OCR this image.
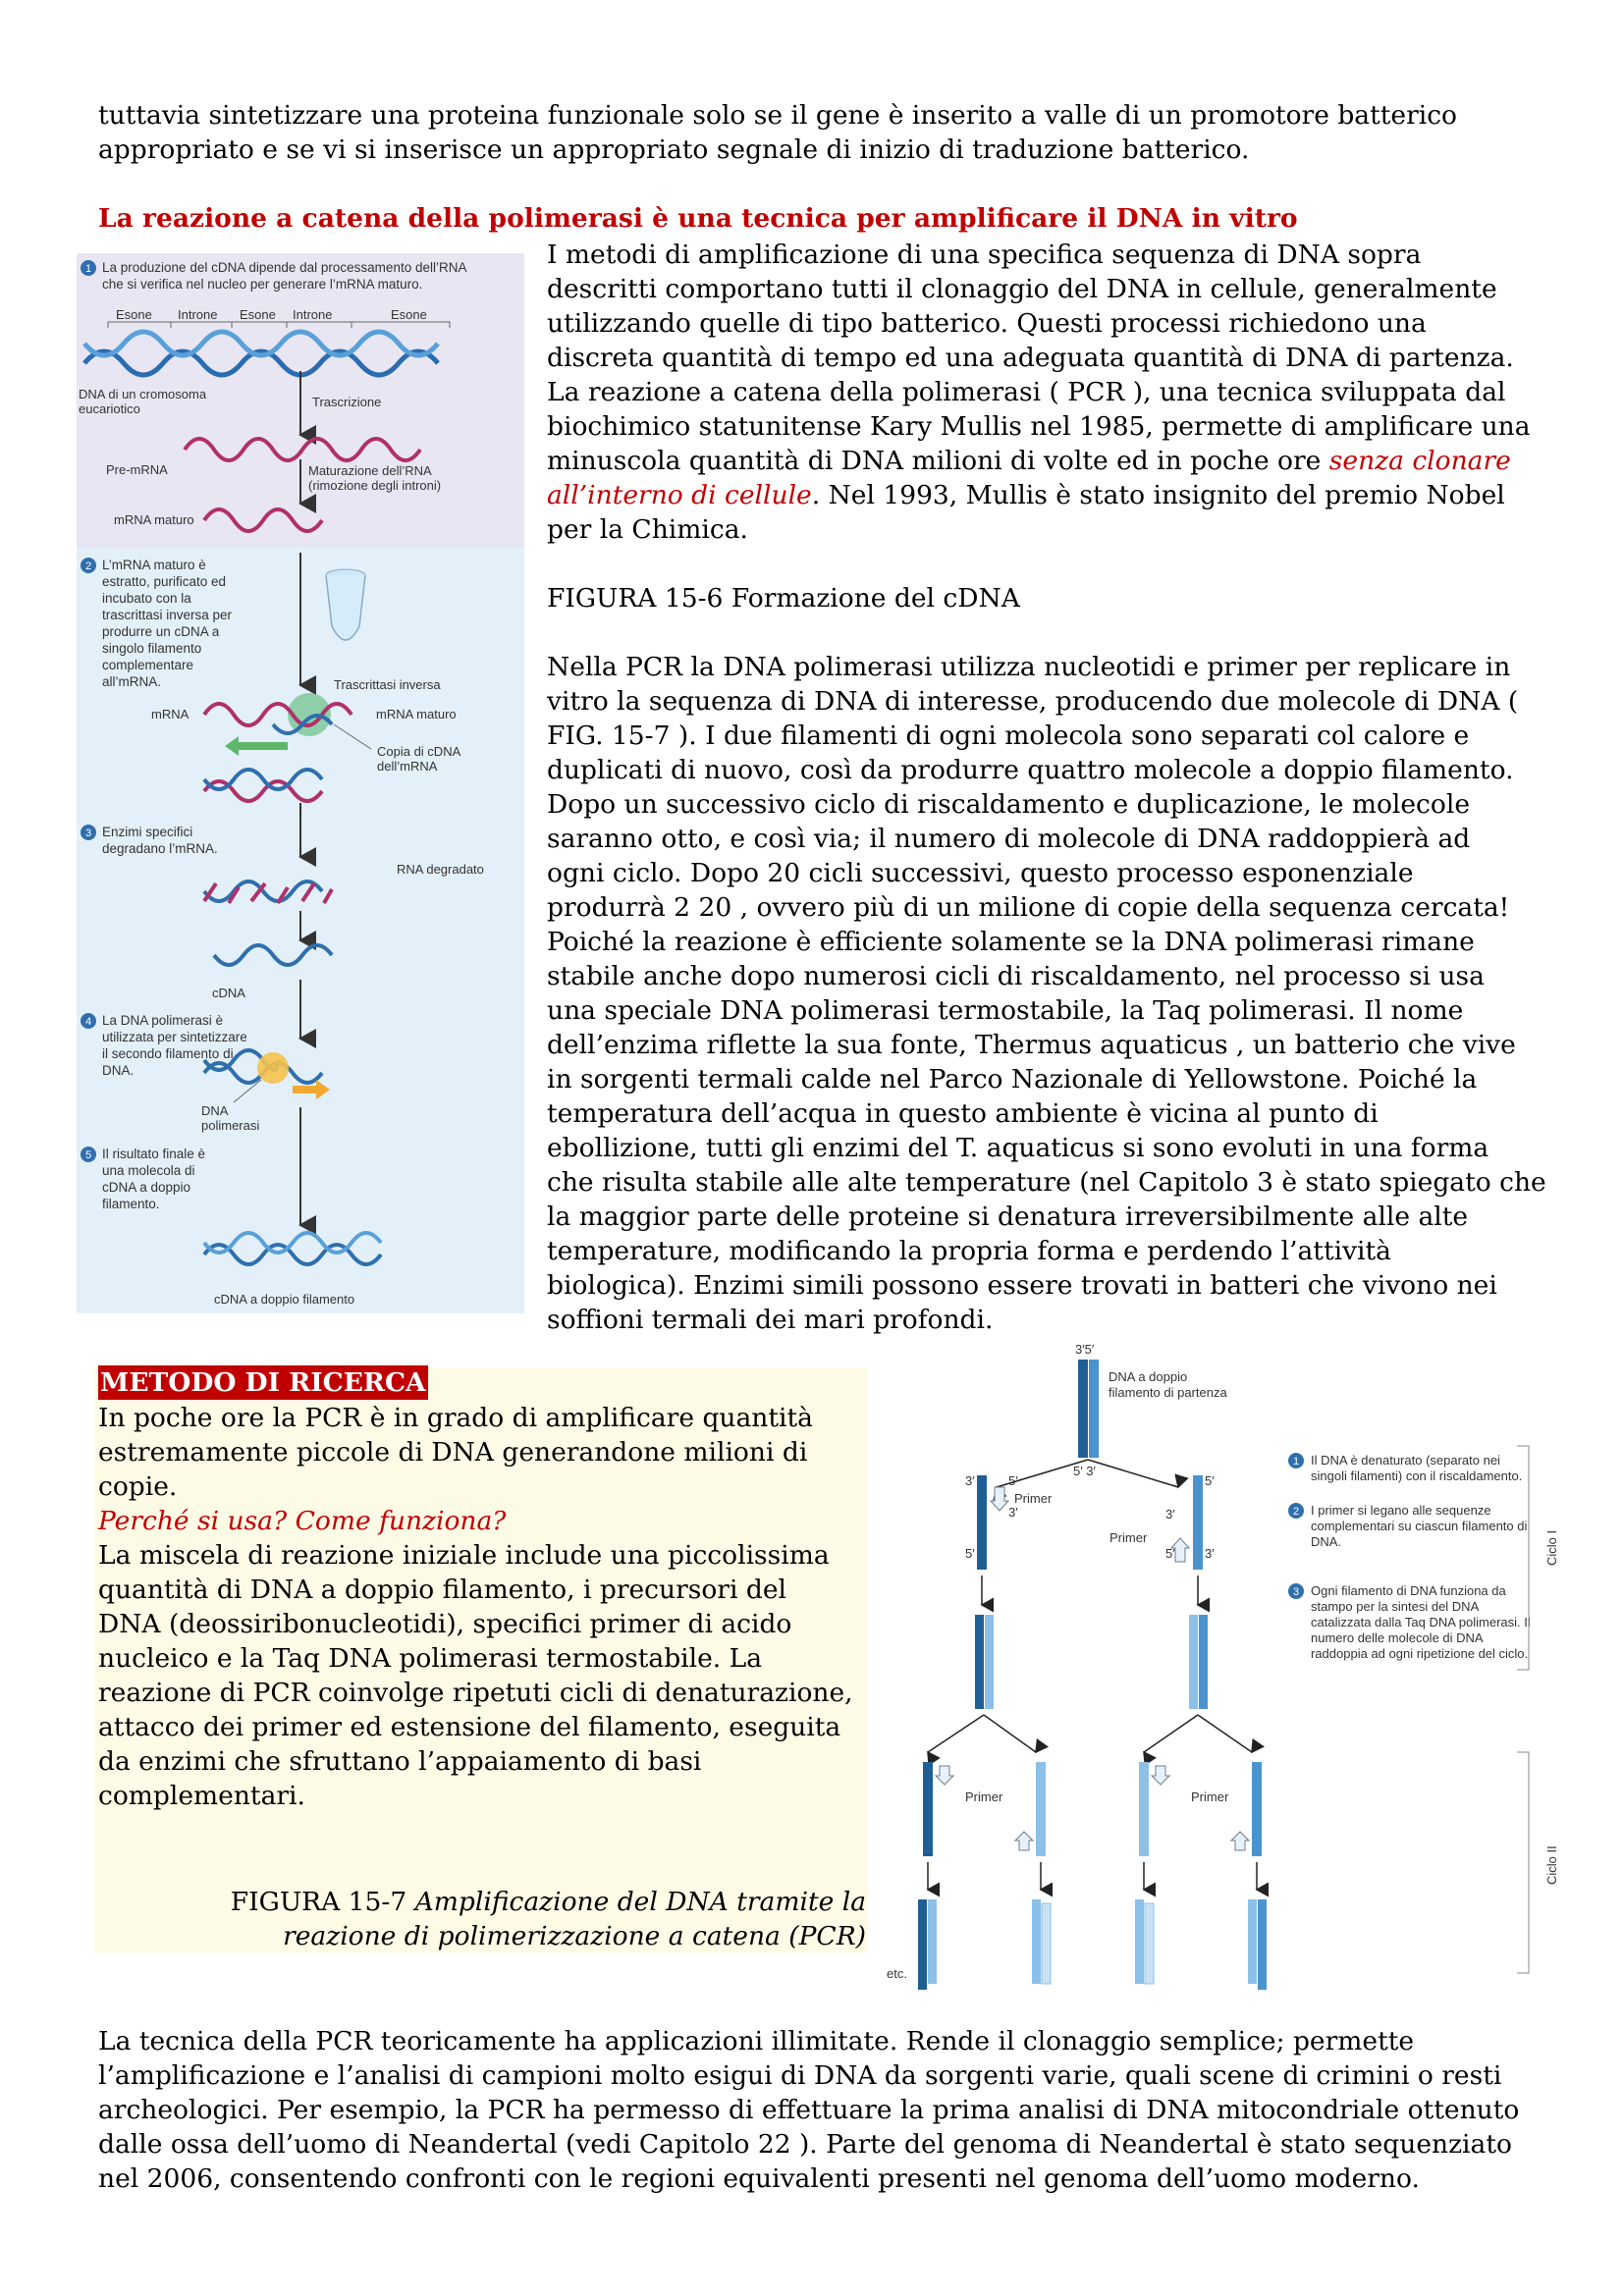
tuttavia sintetizzare una proteina funzionale solo se il gene è inserito a valle di un promotore batterico
appropriato e se vi si inserisce un appropriato segnale di inizio di traduzione batterico.
La reazione a catena della polimerasi è una tecnica per amplificare il DNA in vitro
1 La produzione del cDNA dipende dal processamento dell’RNA
che si verifica nel nucleo per generare l’mRNA maturo.
Esone Introne Esone Introne	Esone
DNA di un cromosoma
eucariotico	Trascrizione
Pre-mRNA	Maturazione dell’RNA
(rimozione degli introni)
mRNA maturo
2 L’mRNA maturo è
estratto, purificato ed
incubato con la
trascrittasi inversa per
produrre un cDNA a
singolo filamento
complementare
all’mRNA.	Trascrittasi inversa
mRNA	mRNA maturo
Copia di cDNA
dell’mRNA
3 Enzimi specifici
degradano l’mRNA.
RNA degradato
cDNA
4 La DNA polimerasi è
utilizzata per sintetizzare
il secondo filamento di
DNA.
DNA
polimerasi
5 Il risultato finale è
una molecola di
cDNA a doppio
filamento.
cDNA a doppio filamento
I metodi di amplificazione di una specifica sequenza di DNA sopra
descritti comportano tutti il clonaggio del DNA in cellule, generalmente
utilizzando quelle di tipo batterico. Questi processi richiedono una
discreta quantità di tempo ed una adeguata quantità di DNA di partenza.
La reazione a catena della polimerasi ( PCR ), una tecnica sviluppata dal
biochimico statunitense Kary Mullis nel 1985, permette di amplificare una
minuscola quantità di DNA milioni di volte ed in poche ore senza clonare
all’interno di cellule. Nel 1993, Mullis è stato insignito del premio Nobel
per la Chimica.
FIGURA 15-6 Formazione del cDNA
Nella PCR la DNA polimerasi utilizza nucleotidi e primer per replicare in
vitro la sequenza di DNA di interesse, producendo due molecole di DNA (
FIG. 15-7 ). I due filamenti di ogni molecola sono separati col calore e
duplicati di nuovo, così da produrre quattro molecole a doppio filamento.
Dopo un successivo ciclo di riscaldamento e duplicazione, le molecole
saranno otto, e così via; il numero di molecole di DNA raddoppierà ad
ogni ciclo. Dopo 20 cicli successivi, questo processo esponenziale
produrrà 2 20 , ovvero più di un milione di copie della sequenza cercata!
Poiché la reazione è efficiente solamente se la DNA polimerasi rimane
stabile anche dopo numerosi cicli di riscaldamento, nel processo si usa
una speciale DNA polimerasi termostabile, la Taq polimerasi. Il nome
dell’enzima riflette la sua fonte, Thermus aquaticus , un batterio che vive
in sorgenti termali calde nel Parco Nazionale di Yellowstone. Poiché la
temperatura dell’acqua in questo ambiente è vicina al punto di
ebollizione, tutti gli enzimi del T. aquaticus si sono evoluti in una forma
che risulta stabile alle alte temperature (nel Capitolo 3 è stato spiegato che
la maggior parte delle proteine si denatura irreversibilmente alle alte
temperature, modificando la propria forma e perdendo l’attività
biologica). Enzimi simili possono essere trovati in batteri che vivono nei
soffioni termali dei mari profondi.
METODO DI RICERCA
In poche ore la PCR è in grado di amplificare quantità
estremamente piccole di DNA generandone milioni di
copie.
Perché si usa? Come funziona?
La miscela di reazione iniziale include una piccolissima
quantità di DNA a doppio filamento, i precursori del
DNA (deossiribonucleotidi), specifici primer di acido
nucleico e la Taq DNA polimerasi termostabile. La
reazione di PCR coinvolge ripetuti cicli di denaturazione,
attacco dei primer ed estensione del filamento, eseguita
da enzimi che sfruttano l’appaiamento di basi
complementari.
FIGURA 15-7 Amplificazione del DNA tramite la
reazione di polimerizzazione a catena (PCR)
3′5′
DNA a doppio
filamento di partenza
5′ 3′
3′
5′
5′
Primer
3′
5′
3′
3′
Primer
5′
Primer	Primer
etc.
1 Il DNA è denaturato (separato nei
singoli filamenti) con il riscaldamento.
2 I primer si legano alle sequenze
complementari su ciascun filamento di
DNA.
3 Ogni filamento di DNA funziona da
stampo per la sintesi del DNA
catalizzata dalla Taq DNA polimerasi. Il
numero delle molecole di DNA
raddoppia ad ogni ripetizione del ciclo.
Ciclo I
Ciclo II
La tecnica della PCR teoricamente ha applicazioni illimitate. Rende il clonaggio semplice; permette
l’amplificazione e l’analisi di campioni molto esigui di DNA da sorgenti varie, quali scene di crimini o resti
archeologici. Per esempio, la PCR ha permesso di effettuare la prima analisi di DNA mitocondriale ottenuto
dalle ossa dell’uomo di Neandertal (vedi Capitolo 22 ). Parte del genoma di Neandertal è stato sequenziato
nel 2006, consentendo confronti con le regioni equivalenti presenti nel genoma dell’uomo moderno.
